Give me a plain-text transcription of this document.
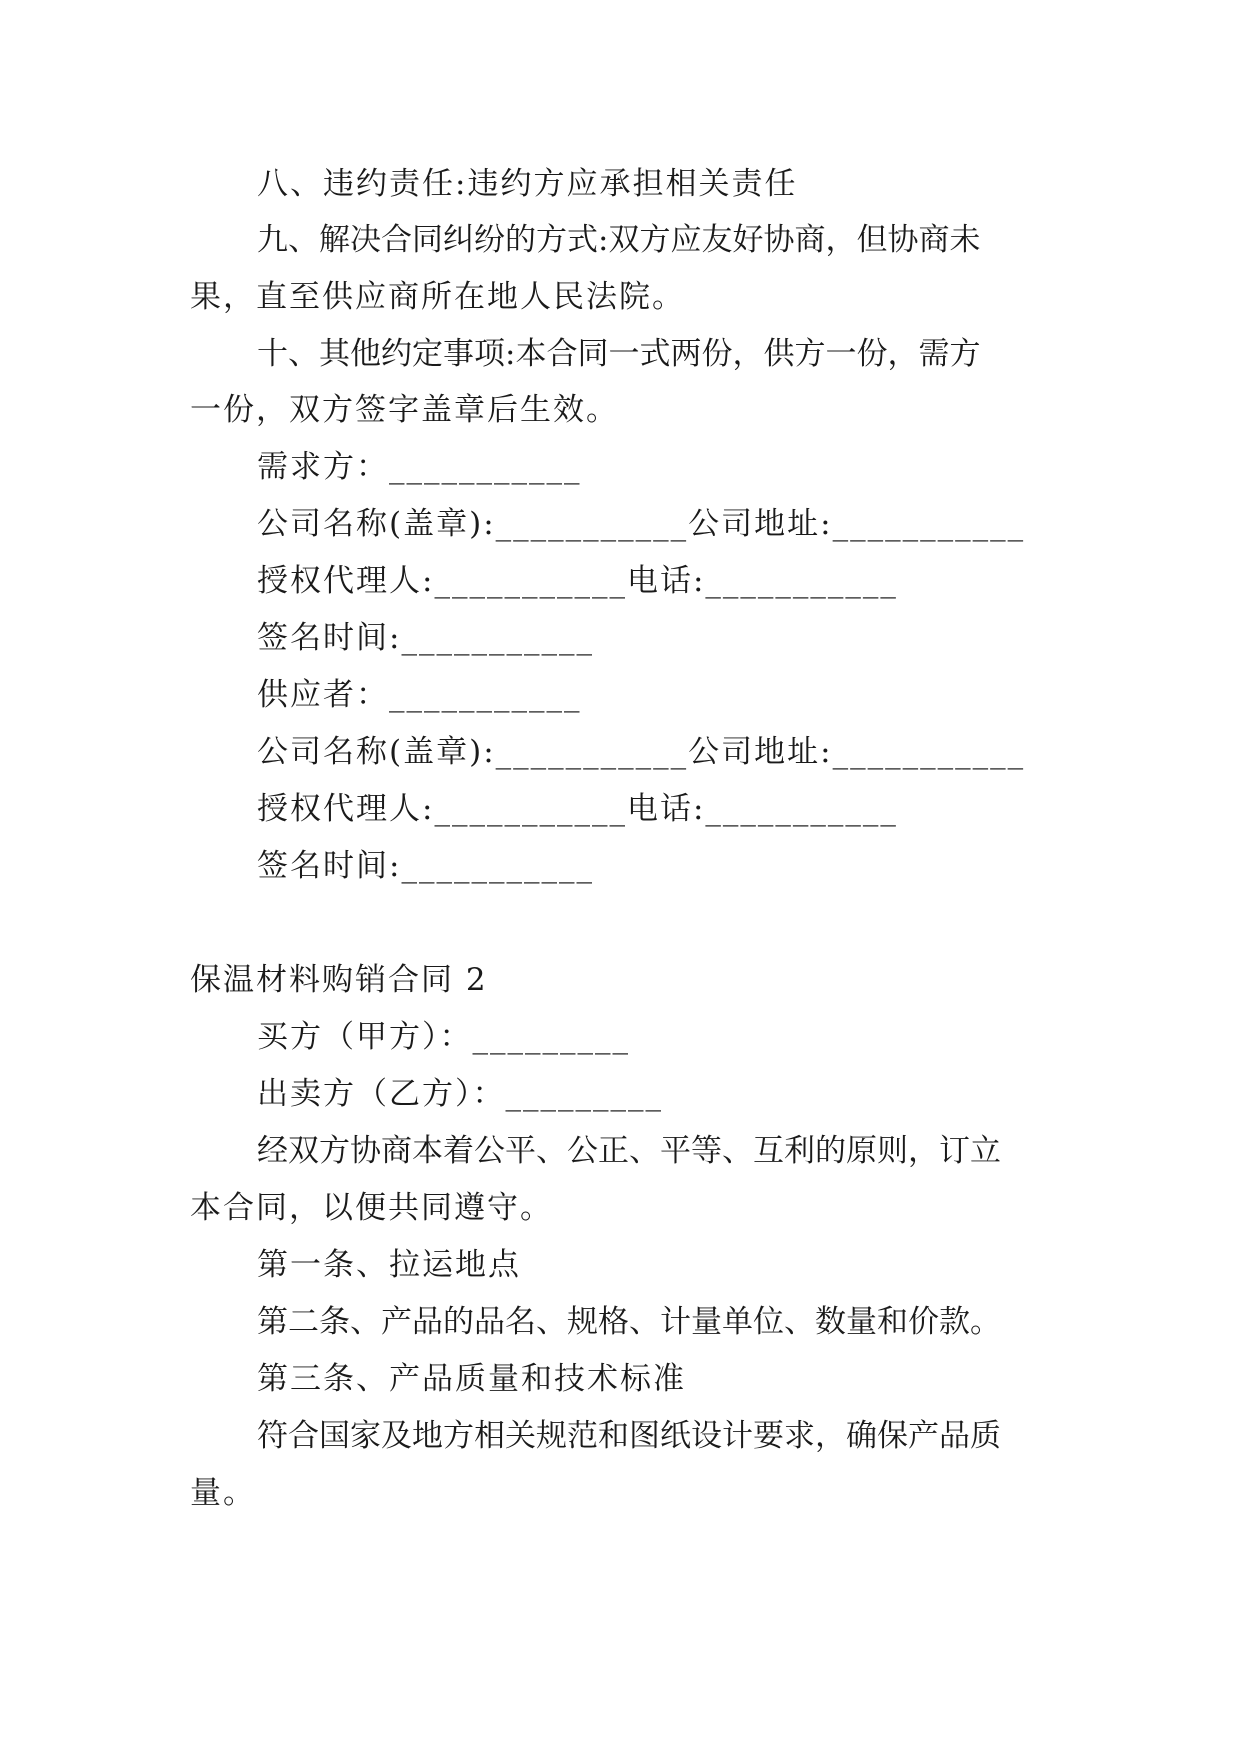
八、违约责任:违约方应承担相关责任
九、解决合同纠纷的方式:双方应友好协商，但协商未
果，直至供应商所在地人民法院。
十、其他约定事项:本合同一式两份，供方一份，需方
一份，双方签字盖章后生效。
需求方：___________
公司名称(盖章):___________公司地址:___________
授权代理人:___________电话:___________
签名时间:___________
供应者：___________
公司名称(盖章):___________公司地址:___________
授权代理人:___________电话:___________
签名时间:___________
保温材料购销合同 2
买方（甲方）：_________
出卖方（乙方）：_________
经双方协商本着公平、公正、平等、互利的原则，订立
本合同，以便共同遵守。
第一条、拉运地点
第二条、产品的品名、规格、计量单位、数量和价款。
第三条、产品质量和技术标准
符合国家及地方相关规范和图纸设计要求，确保产品质
量。
